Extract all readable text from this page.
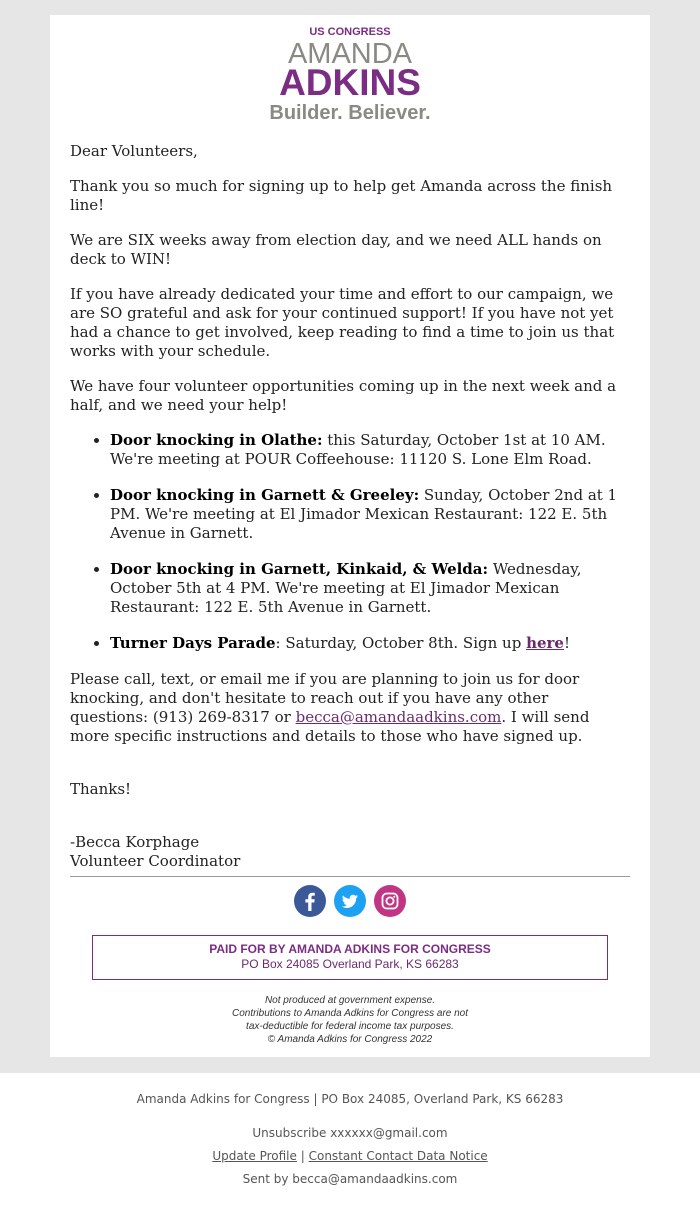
US CONGRESS
AMANDA
ADKINS
Builder. Believer.

Dear Volunteers,

Thank you so much for signing up to help get Amanda across the finish line!

We are SIX weeks away from election day, and we need ALL hands on deck to WIN!

If you have already dedicated your time and effort to our campaign, we are SO grateful and ask for your continued support! If you have not yet had a chance to get involved, keep reading to find a time to join us that works with your schedule.

We have four volunteer opportunities coming up in the next week and a half, and we need your help!

• Door knocking in Olathe: this Saturday, October 1st at 10 AM. We're meeting at POUR Coffeehouse: 11120 S. Lone Elm Road.
• Door knocking in Garnett & Greeley: Sunday, October 2nd at 1 PM. We're meeting at El Jimador Mexican Restaurant: 122 E. 5th Avenue in Garnett.
• Door knocking in Garnett, Kinkaid, & Welda: Wednesday, October 5th at 4 PM. We're meeting at El Jimador Mexican Restaurant: 122 E. 5th Avenue in Garnett.
• Turner Days Parade: Saturday, October 8th. Sign up here!

Please call, text, or email me if you are planning to join us for door knocking, and don't hesitate to reach out if you have any other questions: (913) 269-8317 or becca@amandaadkins.com. I will send more specific instructions and details to those who have signed up.

Thanks!

-Becca Korphage
Volunteer Coordinator

PAID FOR BY AMANDA ADKINS FOR CONGRESS
PO Box 24085 Overland Park, KS 66283
Not produced at government expense.
Contributions to Amanda Adkins for Congress are not
tax-deductible for federal income tax purposes.
© Amanda Adkins for Congress 2022
Amanda Adkins for Congress | PO Box 24085, Overland Park, KS 66283
Unsubscribe xxxxxx@gmail.com
Update Profile | Constant Contact Data Notice
Sent by becca@amandaadkins.com
